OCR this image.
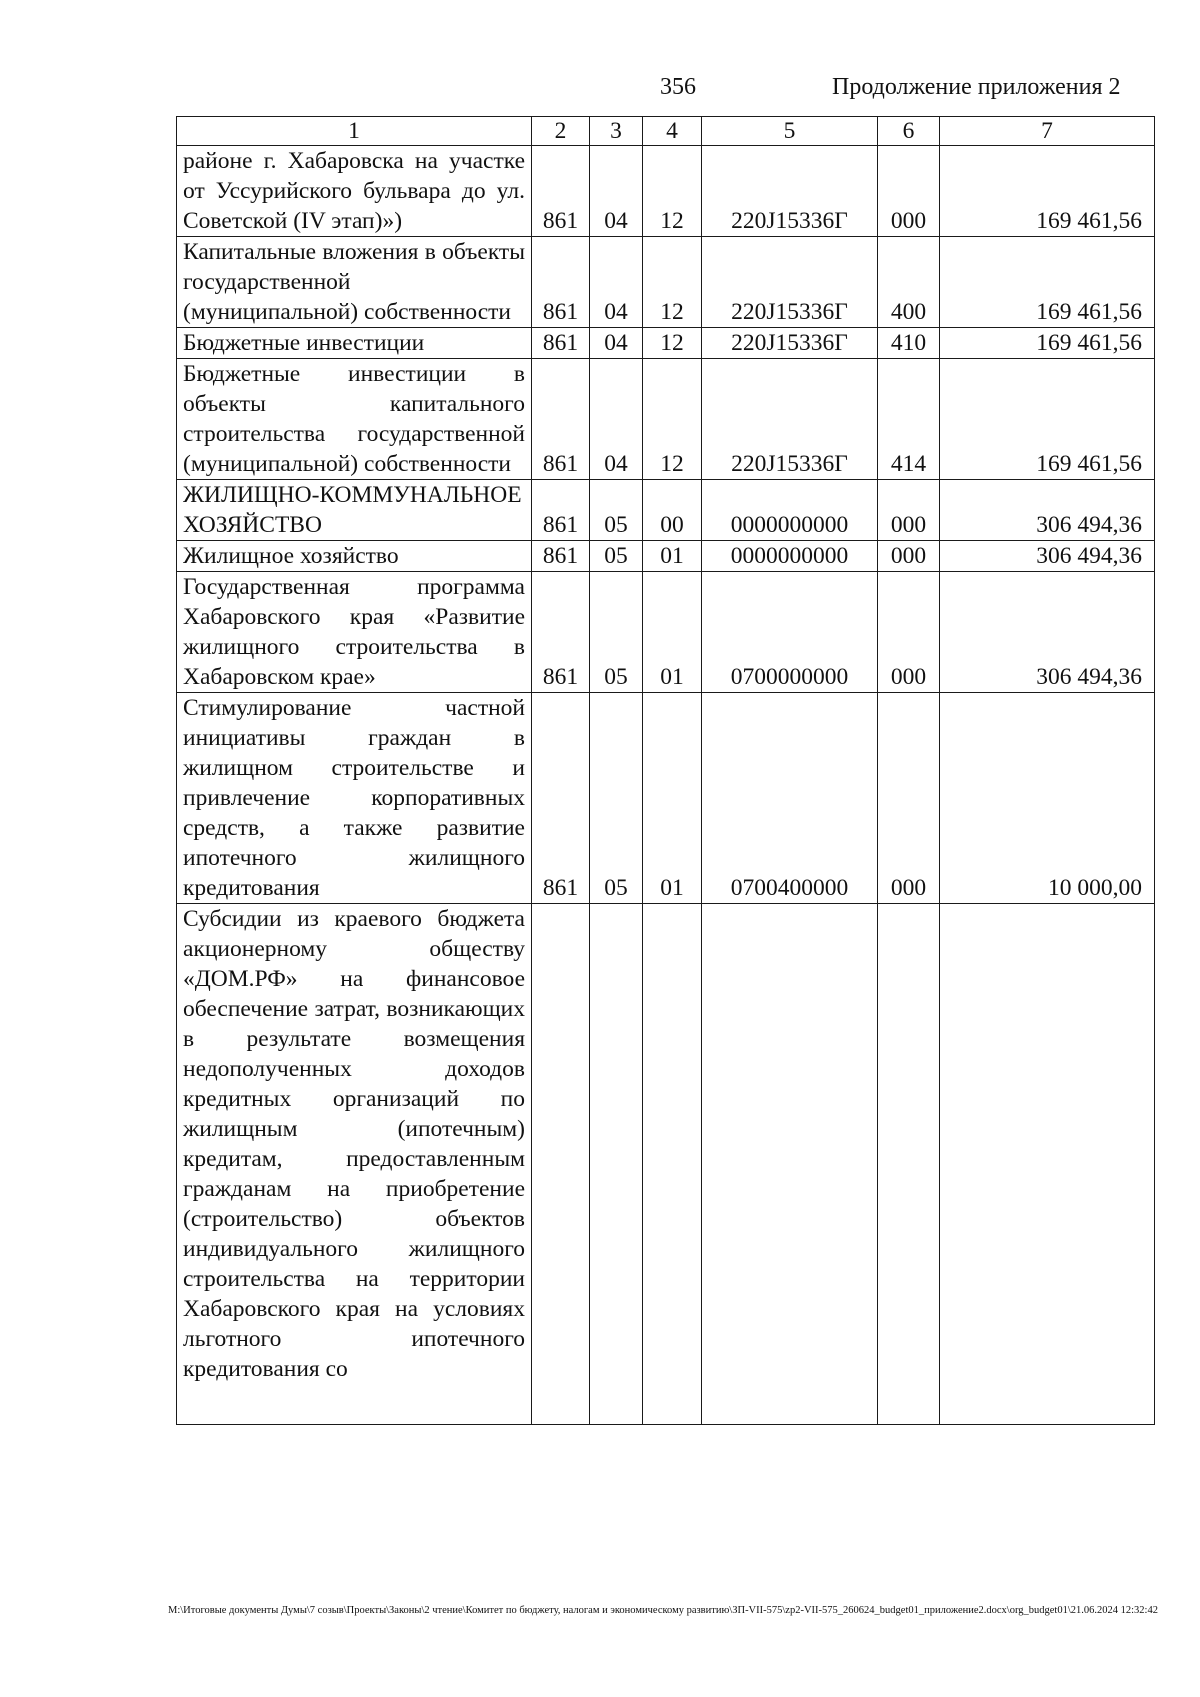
356	Продолжение приложения 2
1	2	3	4	5	6	7
районе г. Хабаровска на участке от Уссурийского бульвара до ул. Советской (IV этап)»)	861	04	12	220J15336Г	000	169 461,56
Капитальные вложения в объекты государственной (муниципальной) собственности	861	04	12	220J15336Г	400	169 461,56
Бюджетные инвестиции	861	04	12	220J15336Г	410	169 461,56
Бюджетные инвестиции в объекты капитального строительства государственной (муниципальной) собственности	861	04	12	220J15336Г	414	169 461,56
ЖИЛИЩНО-КОММУНАЛЬНОЕ ХОЗЯЙСТВО	861	05	00	0000000000	000	306 494,36
Жилищное хозяйство	861	05	01	0000000000	000	306 494,36
Государственная программа Хабаровского края «Развитие жилищного строительства в Хабаровском крае»	861	05	01	0700000000	000	306 494,36
Стимулирование частной инициативы граждан в жилищном строительстве и привлечение корпоративных средств, а также развитие ипотечного жилищного кредитования	861	05	01	0700400000	000	10 000,00
Субсидии из краевого бюджета акционерному обществу «ДОМ.РФ» на финансовое обеспечение затрат, возникающих в результате возмещения недополученных доходов кредитных организаций по жилищным (ипотечным) кредитам, предоставленным гражданам на приобретение (строительство) объектов индивидуального жилищного строительства на территории Хабаровского края на условиях льготного ипотечного кредитования со						
M:\Итоговые документы Думы\7 созыв\Проекты\Законы\2 чтение\Комитет по бюджету, налогам и экономическому развитию\ЗП-VII-575\zp2-VII-575_260624_budget01_приложение2.docx\org_budget01\21.06.2024 12:32:42
